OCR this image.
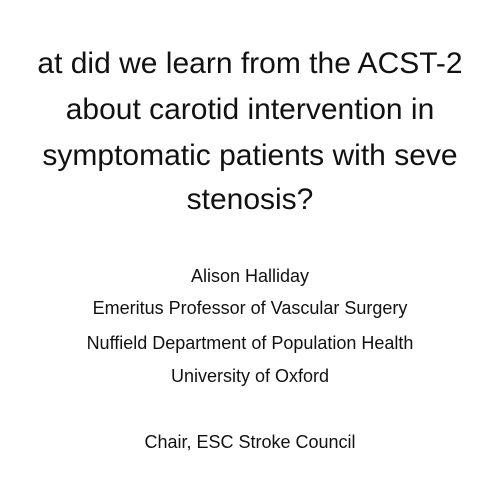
at did we learn from the ACST-2
about carotid intervention in
symptomatic patients with seve
stenosis?
Alison Halliday
Emeritus Professor of Vascular Surgery
Nuffield Department of Population Health
University of Oxford
Chair, ESC Stroke Council
